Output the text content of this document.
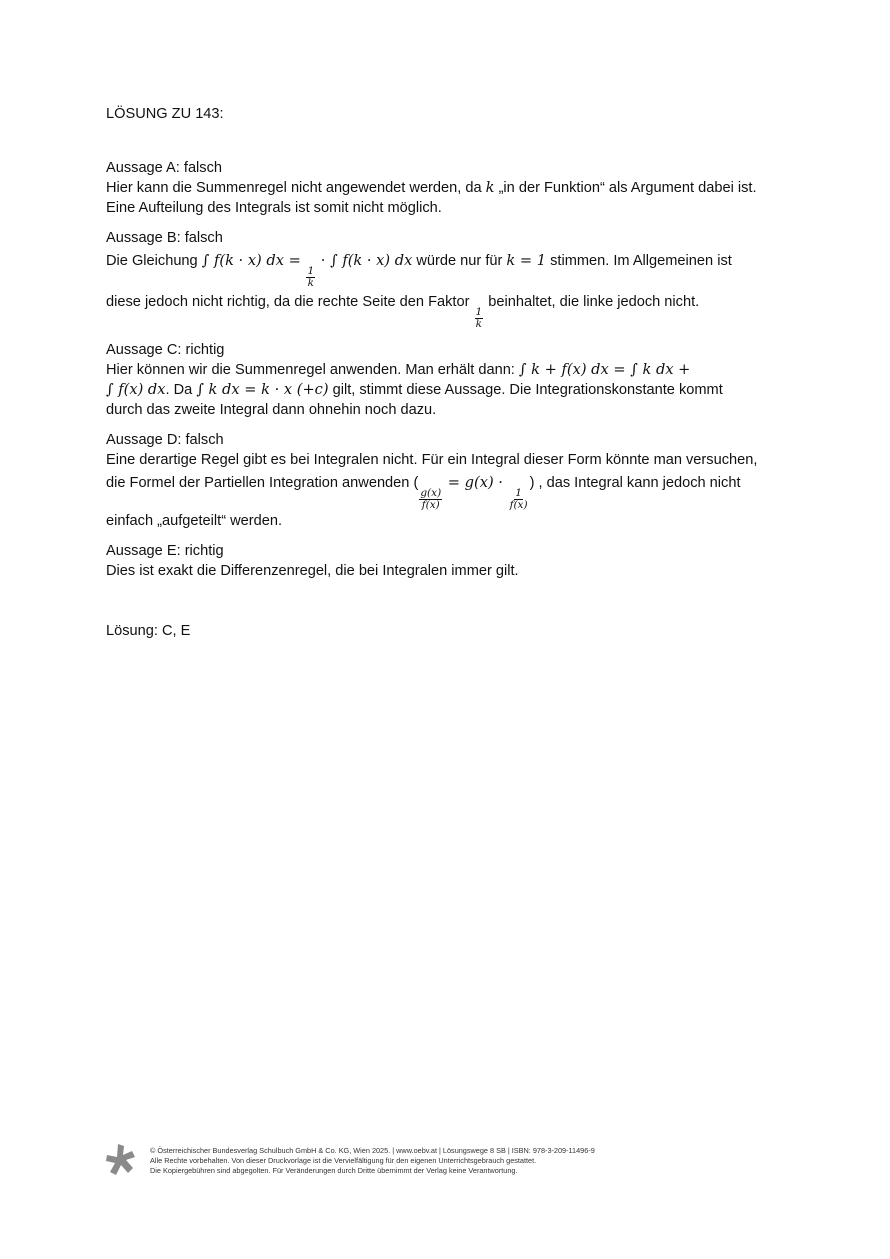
LÖSUNG ZU 143:
Aussage A: falsch
Hier kann die Summenregel nicht angewendet werden, da k „in der Funktion“ als Argument dabei ist.
Eine Aufteilung des Integrals ist somit nicht möglich.
Aussage B: falsch
Die Gleichung ∫ f(k · x) dx =
$\frac{1}{k}$
· ∫ f(k · x) dx würde nur für k = 1 stimmen. Im Allgemeinen ist
diese jedoch nicht richtig, da die rechte Seite den Faktor
$\frac{1}{k}$
beinhaltet, die linke jedoch nicht.
Aussage C: richtig
Hier können wir die Summenregel anwenden. Man erhält dann: ∫ k + f(x) dx = ∫ k dx +
∫ f(x) dx. Da ∫ k dx = k · x (+c) gilt, stimmt diese Aussage. Die Integrationskonstante kommt
durch das zweite Integral dann ohnehin noch dazu.
Aussage D: falsch
Eine derartige Regel gibt es bei Integralen nicht. Für ein Integral dieser Form könnte man versuchen,
die Formel der Partiellen Integration anwenden (
$\frac{g(x)}{f(x)}$
= g(x) ·
$\frac{1}{f(x)}$
) , das Integral kann jedoch nicht
einfach „aufgeteilt“ werden.
Aussage E: richtig
Dies ist exakt die Differenzenregel, die bei Integralen immer gilt.
Lösung: C, E
© Österreichischer Bundesverlag Schulbuch GmbH & Co. KG, Wien 2025. | www.oebv.at | Lösungswege 8 SB | ISBN: 978-3-209-11496-9
Alle Rechte vorbehalten. Von dieser Druckvorlage ist die Vervielfältigung für den eigenen Unterrichtsgebrauch gestattet.
Die Kopiergebühren sind abgegolten. Für Veränderungen durch Dritte übernimmt der Verlag keine Verantwortung.
